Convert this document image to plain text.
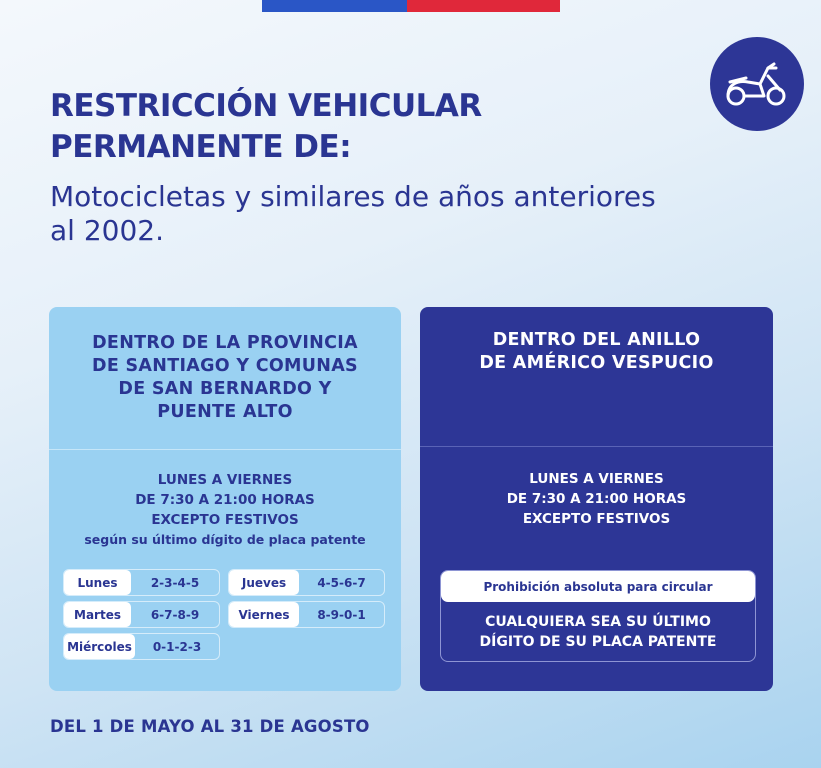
RESTRICCIÓN VEHICULAR
PERMANENTE DE:
Motocicletas y similares de años anteriores
al 2002.
DENTRO DE LA PROVINCIA
DE SANTIAGO Y COMUNAS
DE SAN BERNARDO Y
PUENTE ALTO
LUNES A VIERNES
DE 7:30 A 21:00 HORAS
EXCEPTO FESTIVOS
según su último dígito de placa patente
Lunes	2-3-4-5	Jueves	4-5-6-7
Martes	6-7-8-9	Viernes	8-9-0-1
Miércoles	0-1-2-3
DENTRO DEL ANILLO
DE AMÉRICO VESPUCIO
LUNES A VIERNES
DE 7:30 A 21:00 HORAS
EXCEPTO FESTIVOS
Prohibición absoluta para circular
CUALQUIERA SEA SU ÚLTIMO
DÍGITO DE SU PLACA PATENTE
DEL 1 DE MAYO AL 31 DE AGOSTO
